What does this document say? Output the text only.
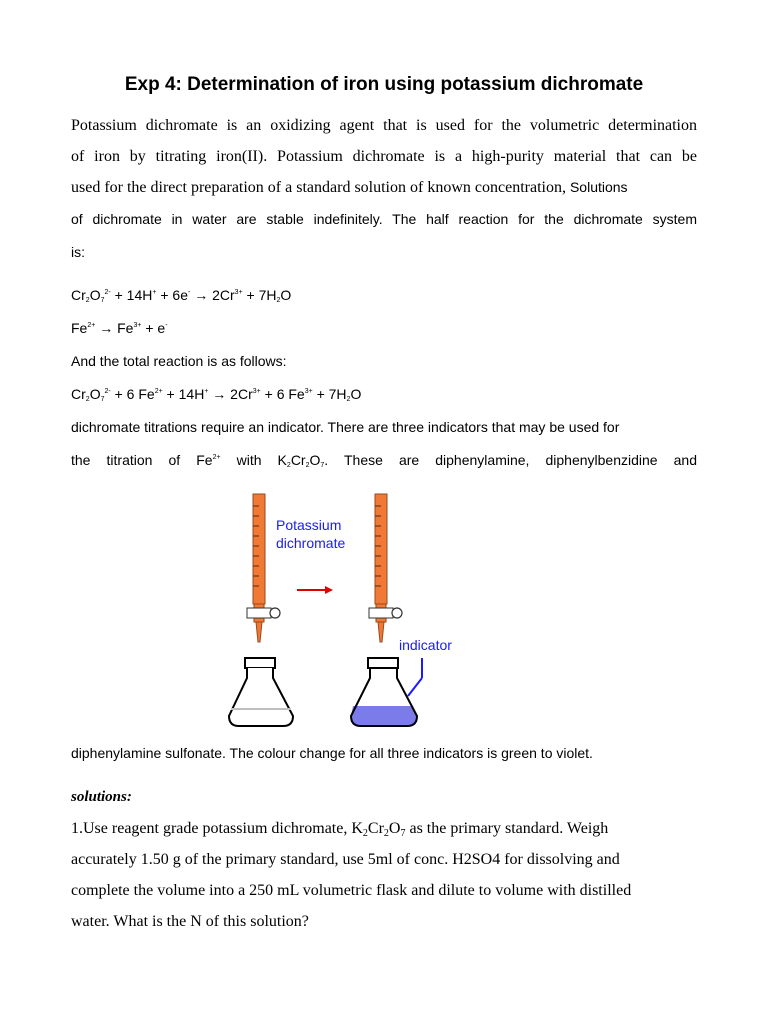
Exp 4: Determination of iron using potassium dichromate
Potassium dichromate is an oxidizing agent that is used for the volumetric determination
of iron by titrating iron(II). Potassium dichromate is a high-purity material that can be
used for the direct preparation of a standard solution of known concentration, Solutions
of dichromate in water are stable indefinitely. The half reaction for the dichromate system
is:
$Cr_2O_7^{2-} + 14H^+ + 6e^- \to 2Cr^{3+} + 7H_2O$
$Fe^{2+} \to Fe^{3+} + e^-$
And the total reaction is as follows:
$Cr_2O_7^{2-} + 6$ $Fe^{2+} + 14H^+ \to 2Cr^{3+} + 6$ $Fe^{3+} + 7H_2O$
dichromate titrations require an indicator. There are three indicators that may be used for
the titration of $Fe^{2+}$ with $K_2Cr_2O_7$. These are diphenylamine, diphenylbenzidine and
Potassium
dichromate
indicator
diphenylamine sulfonate. The colour change for all three indicators is green to violet.
solutions:
1.Use reagent grade potassium dichromate, $K_2Cr_2O_7$ as the primary standard. Weigh
accurately 1.50 g of the primary standard, use 5ml of conc. H2SO4 for dissolving and
complete the volume into a 250 mL volumetric flask and dilute to volume with distilled
water. What is the N of this solution?
